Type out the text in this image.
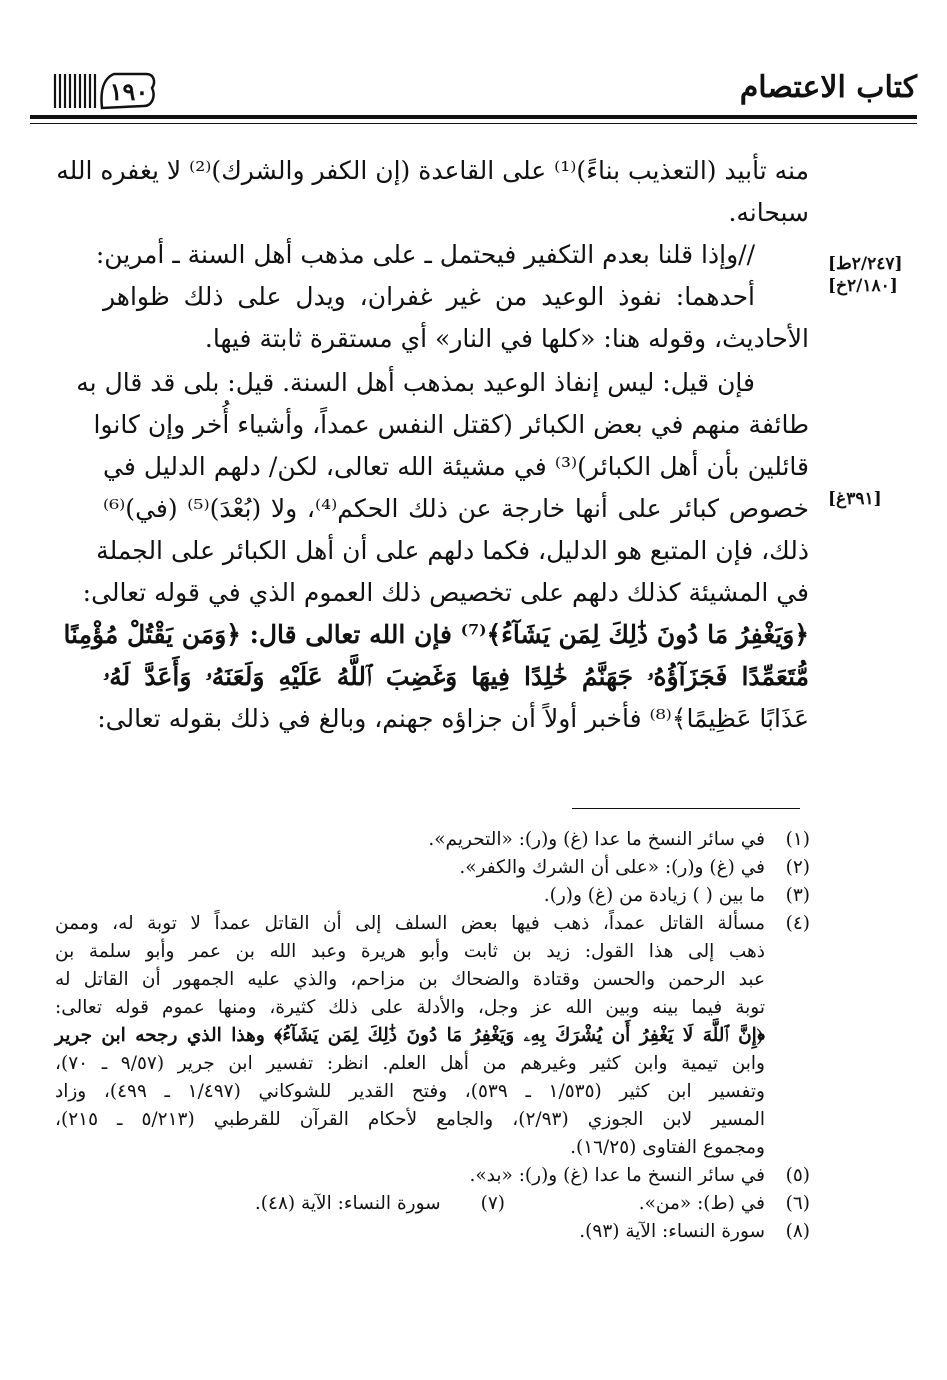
كتاب الاعتصام
١٩٠
[٢/٢٤٧ط]
[٢/١٨٠خ]
[٣٩١غ]
منه تأبيد (التعذيب بناءً)⁽¹⁾ على القاعدة (إن الكفر والشرك)⁽²⁾ لا يغفره الله
سبحانه.
//وإذا قلنا بعدم التكفير فيحتمل ـ على مذهب أهل السنة ـ أمرين:
أحدهما: نفوذ الوعيد من غير غفران، ويدل على ذلك ظواهر
الأحاديث، وقوله هنا: «كلها في النار» أي مستقرة ثابتة فيها.
فإن قيل: ليس إنفاذ الوعيد بمذهب أهل السنة. قيل: بلى قد قال به
طائفة منهم في بعض الكبائر (كقتل النفس عمداً، وأشياء أُخر وإن كانوا
قائلين بأن أهل الكبائر)⁽³⁾ في مشيئة الله تعالى، لكن/ دلهم الدليل في
خصوص كبائر على أنها خارجة عن ذلك الحكم⁽⁴⁾، ولا (بُعْدَ)⁽⁵⁾ (في)⁽⁶⁾
ذلك، فإن المتبع هو الدليل، فكما دلهم على أن أهل الكبائر على الجملة
في المشيئة كذلك دلهم على تخصيص ذلك العموم الذي في قوله تعالى:
﴿وَيَغْفِرُ مَا دُونَ ذَٰلِكَ لِمَن يَشَآءُ﴾⁽⁷⁾ فإن الله تعالى قال: ﴿وَمَن يَقْتُلْ مُؤْمِنًا
مُّتَعَمِّدًا فَجَزَآؤُهُۥ جَهَنَّمُ خَٰلِدًا فِيهَا وَغَضِبَ ٱللَّهُ عَلَيْهِ وَلَعَنَهُۥ وَأَعَدَّ لَهُۥ
عَذَابًا عَظِيمًا﴾⁽⁸⁾ فأخبر أولاً أن جزاؤه جهنم، وبالغ في ذلك بقوله تعالى:
(١)
في سائر النسخ ما عدا (غ) و(ر): «التحريم».
(٢)
في (غ) و(ر): «على أن الشرك والكفر».
(٣)
ما بين ( ) زيادة من (غ) و(ر).
(٤)
مسألة القاتل عمداً، ذهب فيها بعض السلف إلى أن القاتل عمداً لا توبة له، وممن
ذهب إلى هذا القول: زيد بن ثابت وأبو هريرة وعبد الله بن عمر وأبو سلمة بن
عبد الرحمن والحسن وقتادة والضحاك بن مزاحم، والذي عليه الجمهور أن القاتل له
توبة فيما بينه وبين الله عز وجل، والأدلة على ذلك كثيرة، ومنها عموم قوله تعالى:
﴿إِنَّ ٱللَّهَ لَا يَغْفِرُ أَن يُشْرَكَ بِهِۦ وَيَغْفِرُ مَا دُونَ ذَٰلِكَ لِمَن يَشَآءُ﴾ وهذا الذي رجحه ابن جرير
وابن تيمية وابن كثير وغيرهم من أهل العلم. انظر: تفسير ابن جرير (٩/٥٧ ـ ٧٠)،
وتفسير ابن كثير (١/٥٣٥ ـ ٥٣٩)، وفتح القدير للشوكاني (١/٤٩٧ ـ ٤٩٩)، وزاد
المسير لابن الجوزي (٢/٩٣)، والجامع لأحكام القرآن للقرطبي (٥/٢١٣ ـ ٢١٥)،
ومجموع الفتاوى (١٦/٢٥).
(٥)
في سائر النسخ ما عدا (غ) و(ر): «بد».
(٦)
في (ط): «من».
(٧)
سورة النساء: الآية (٤٨).
(٨)
سورة النساء: الآية (٩٣).
